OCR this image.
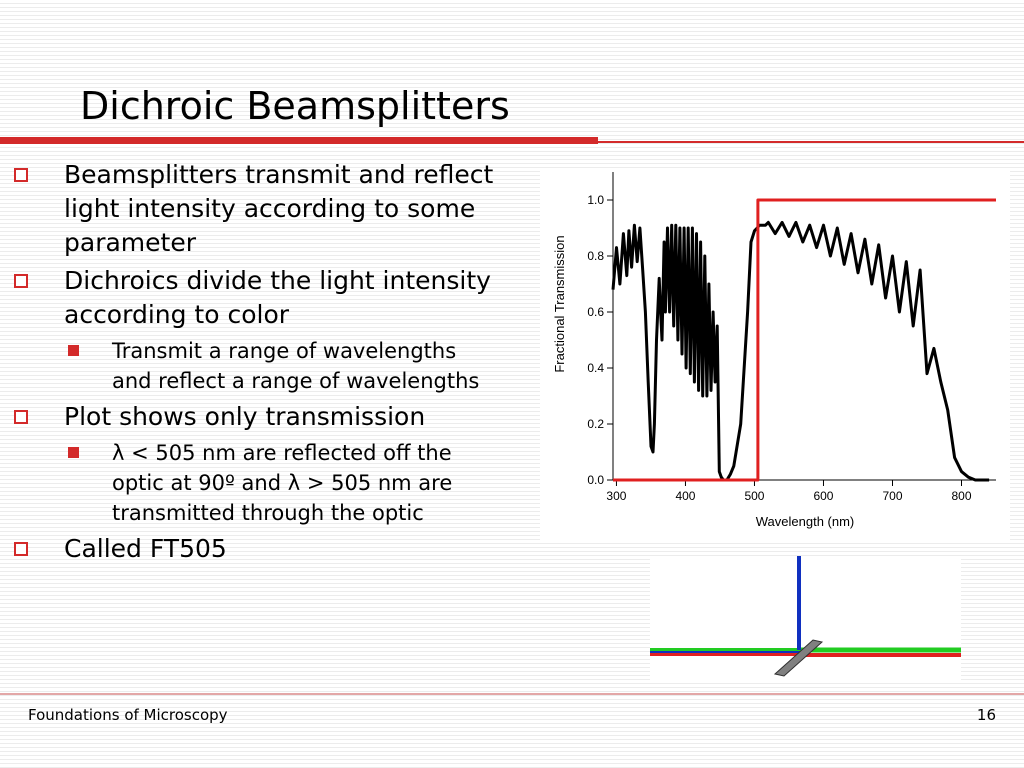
Dichroic Beamsplitters
Beamsplitters transmit and reflect light intensity according to some parameter
Dichroics divide the light intensity according to color
Transmit a range of wavelengths and reflect a range of wavelengths
Plot shows only transmission
λ < 505 nm are reflected off the optic at 90º and λ > 505 nm are transmitted through the optic
Called FT505
300	400	500	600	700	800
0.0
0.2
0.4
0.6
0.8
1.0
Wavelength (nm)
Fractional Transmission
Foundations of Microscopy	16
